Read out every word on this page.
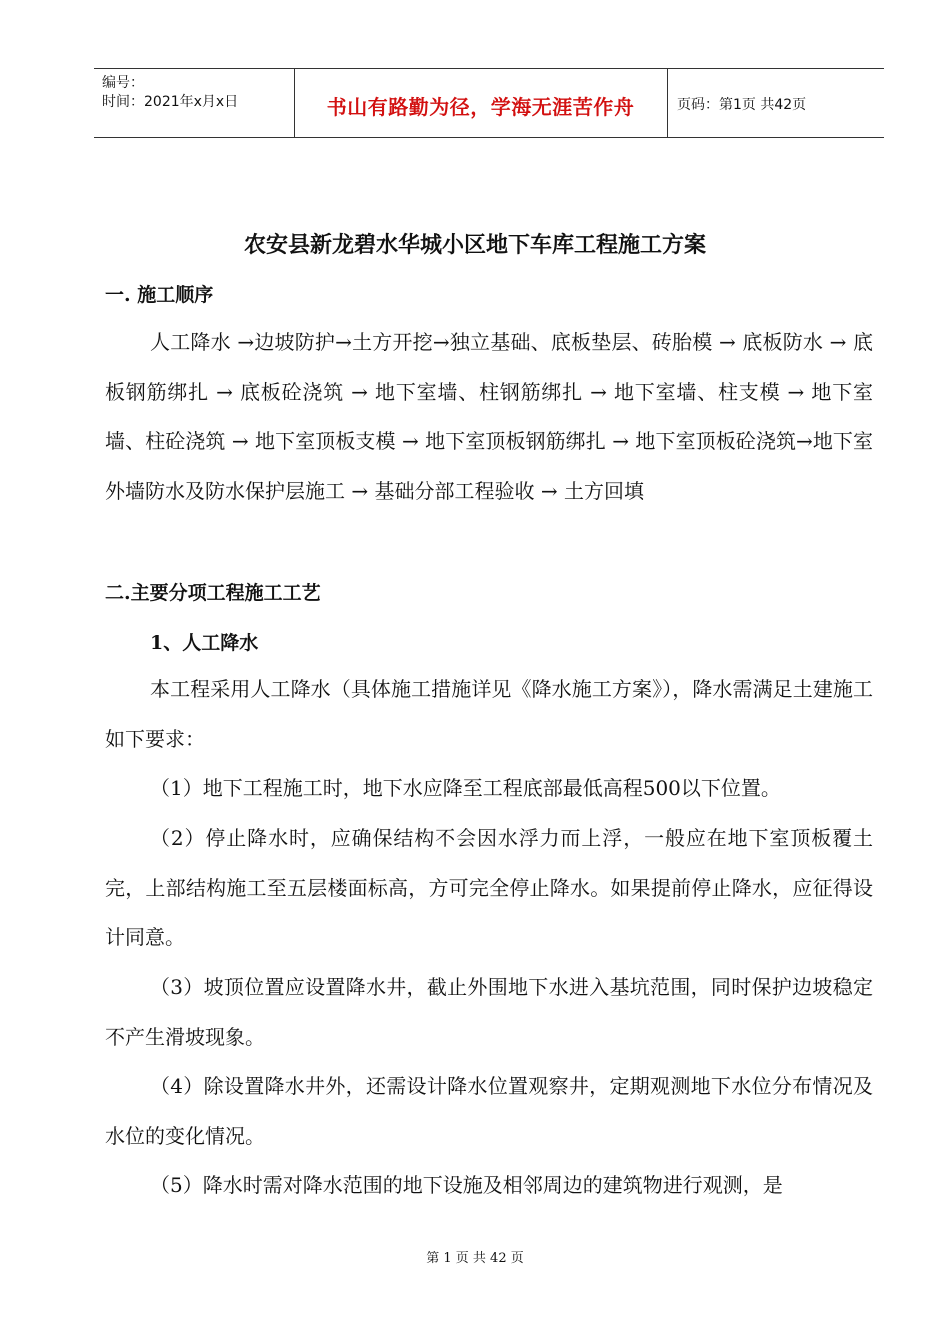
编号：
时间：2021年x月x日	书山有路勤为径，学海无涯苦作舟	页码：第1页 共42页
农安县新龙碧水华城小区地下车库工程施工方案
一. 施工顺序

人工降水 →边坡防护→土方开挖→独立基础、底板垫层、砖胎模 → 底板防水 → 底板钢筋绑扎 → 底板砼浇筑 → 地下室墙、柱钢筋绑扎 → 地下室墙、柱支模 → 地下室墙、柱砼浇筑 → 地下室顶板支模 → 地下室顶板钢筋绑扎 → 地下室顶板砼浇筑→地下室外墙防水及防水保护层施工 → 基础分部工程验收 → 土方回填

二.主要分项工程施工工艺
1、人工降水

本工程采用人工降水（具体施工措施详见《降水施工方案》），降水需满足土建施工如下要求：

（1）地下工程施工时，地下水应降至工程底部最低高程500以下位置。

（2）停止降水时，应确保结构不会因水浮力而上浮，一般应在地下室顶板覆土完，上部结构施工至五层楼面标高，方可完全停止降水。如果提前停止降水，应征得设计同意。

（3）坡顶位置应设置降水井，截止外围地下水进入基坑范围，同时保护边坡稳定不产生滑坡现象。

（4）除设置降水井外，还需设计降水位置观察井，定期观测地下水位分布情况及水位的变化情况。

（5）降水时需对降水范围的地下设施及相邻周边的建筑物进行观测，是

第 1 页 共 42 页
